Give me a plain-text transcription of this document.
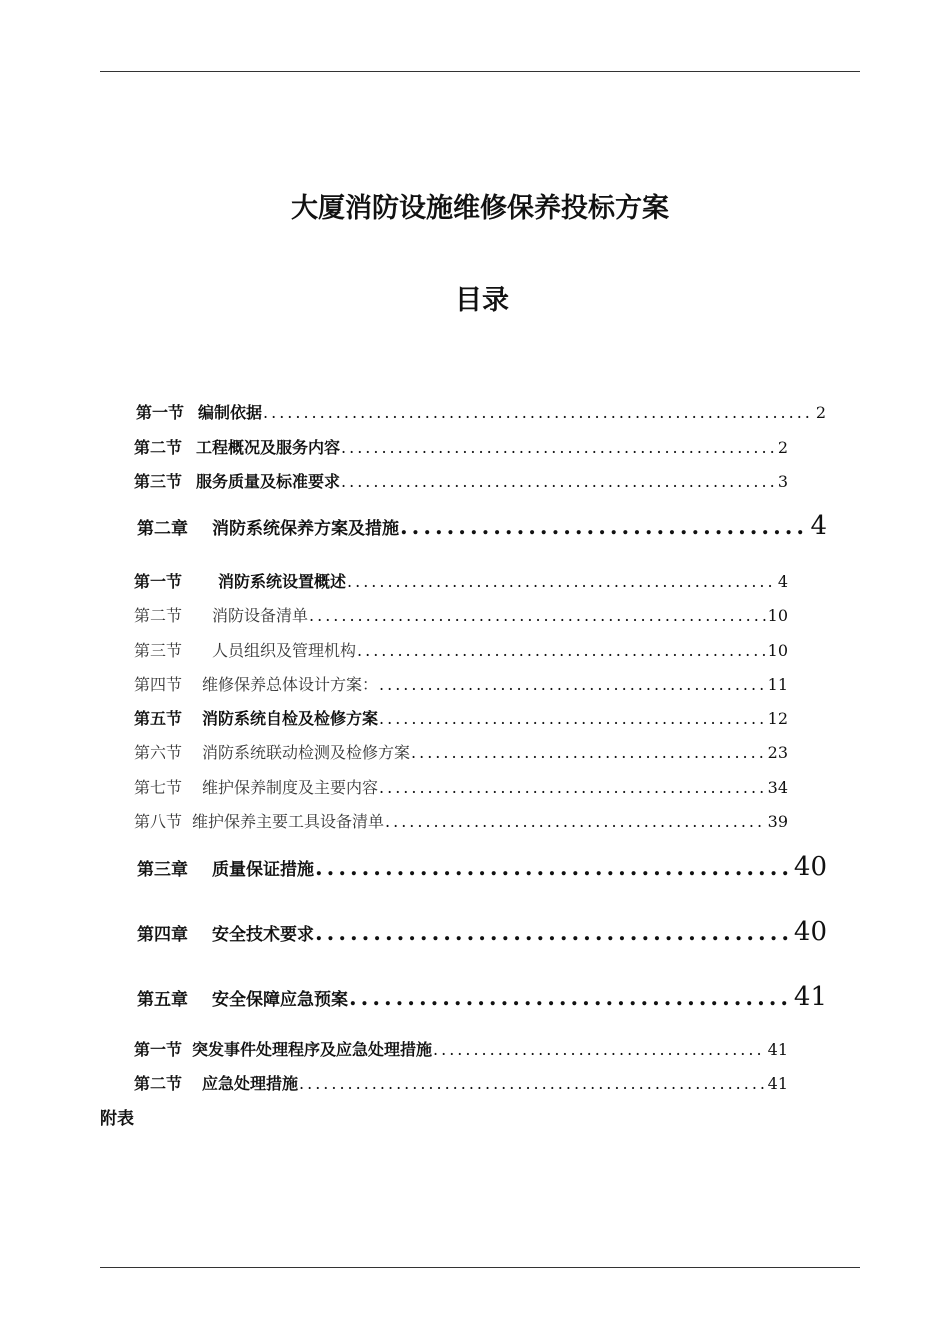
大厦消防设施维修保养投标方案
目录
第一节 编制依据 .....	2
第二节 工程概况及服务内容 .....	2
第三节 服务质量及标准要求 .....	3
第二章 消防系统保养方案及措施 .....	4
第一节 消防系统设置概述 .....	4
第二节 消防设备清单 .....	10
第三节 人员组织及管理机构 .....	10
第四节 维修保养总体设计方案： .....	11
第五节 消防系统自检及检修方案 .....	12
第六节 消防系统联动检测及检修方案 .....	23
第七节 维护保养制度及主要内容 .....	34
第八节 维护保养主要工具设备清单 .....	39
第三章 质量保证措施 .....	40
第四章 安全技术要求 .....	40
第五章 安全保障应急预案 .....	41
第一节 突发事件处理程序及应急处理措施 .....	41
第二节 应急处理措施 .....	41
附表
